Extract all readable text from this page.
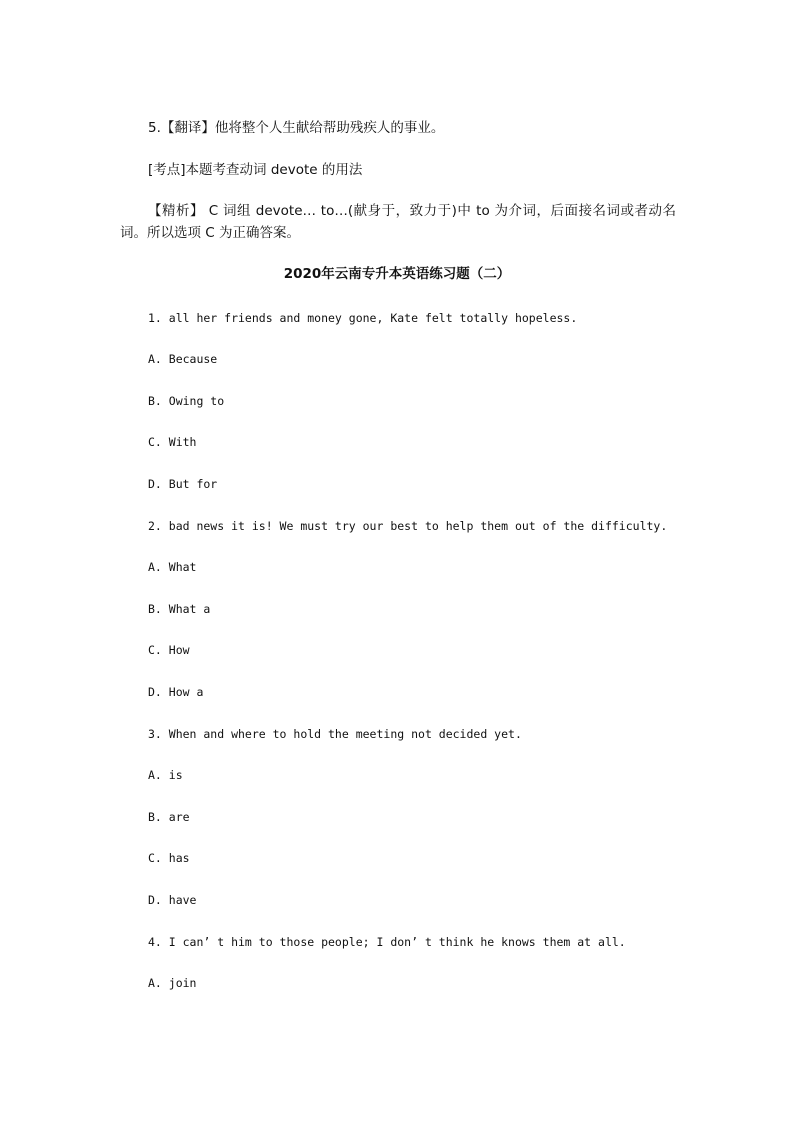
5.【翻译】他将整个人生献给帮助残疾人的事业。

[考点]本题考查动词 devote 的用法

【精析】 C 词组 devote… to…(献身于，致力于)中 to 为介词，后面接名词或者动名词。所以选项 C 为正确答案。

2020年云南专升本英语练习题（二）

1. all her friends and money gone, Kate felt totally hopeless.

A. Because

B. Owing to

C. With

D. But for

2. bad news it is! We must try our best to help them out of the difficulty.

A. What

B. What a

C. How

D. How a

3. When and where to hold the meeting not decided yet.

A. is

B. are

C. has

D. have

4. I can’ t him to those people; I don’ t think he knows them at all.

A. join
